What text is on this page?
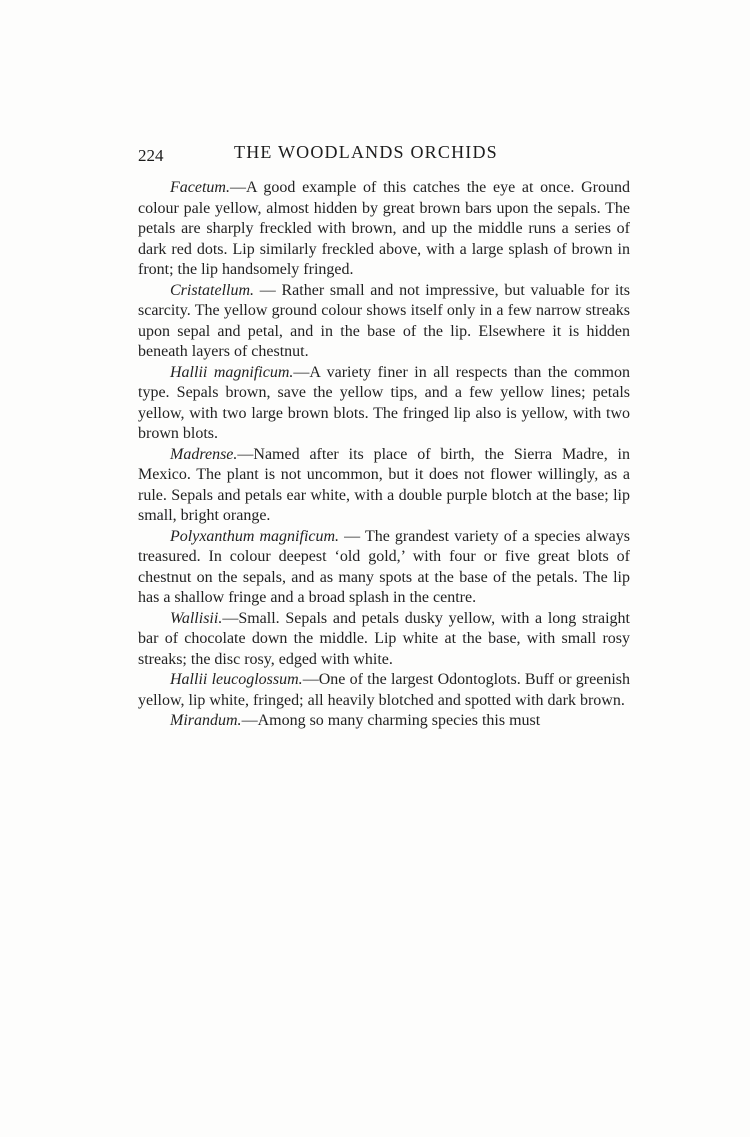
224	THE WOODLANDS ORCHIDS

Facetum.—A good example of this catches the eye at once. Ground colour pale yellow, almost hidden by great brown bars upon the sepals. The petals are sharply freckled with brown, and up the middle runs a series of dark red dots. Lip similarly freckled above, with a large splash of brown in front; the lip handsomely fringed.

Cristatellum. — Rather small and not impressive, but valuable for its scarcity. The yellow ground colour shows itself only in a few narrow streaks upon sepal and petal, and in the base of the lip. Elsewhere it is hidden beneath layers of chestnut.

Hallii magnificum.—A variety finer in all respects than the common type. Sepals brown, save the yellow tips, and a few yellow lines; petals yellow, with two large brown blots. The fringed lip also is yellow, with two brown blots.

Madrense.—Named after its place of birth, the Sierra Madre, in Mexico. The plant is not uncommon, but it does not flower willingly, as a rule. Sepals and petals ear white, with a double purple blotch at the base; lip small, bright orange.

Polyxanthum magnificum. — The grandest variety of a species always treasured. In colour deepest ‘old gold,’ with four or five great blots of chestnut on the sepals, and as many spots at the base of the petals. The lip has a shallow fringe and a broad splash in the centre.

Wallisii.—Small. Sepals and petals dusky yellow, with a long straight bar of chocolate down the middle. Lip white at the base, with small rosy streaks; the disc rosy, edged with white.

Hallii leucoglossum.—One of the largest Odontoglots. Buff or greenish yellow, lip white, fringed; all heavily blotched and spotted with dark brown.

Mirandum.—Among so many charming species this must
